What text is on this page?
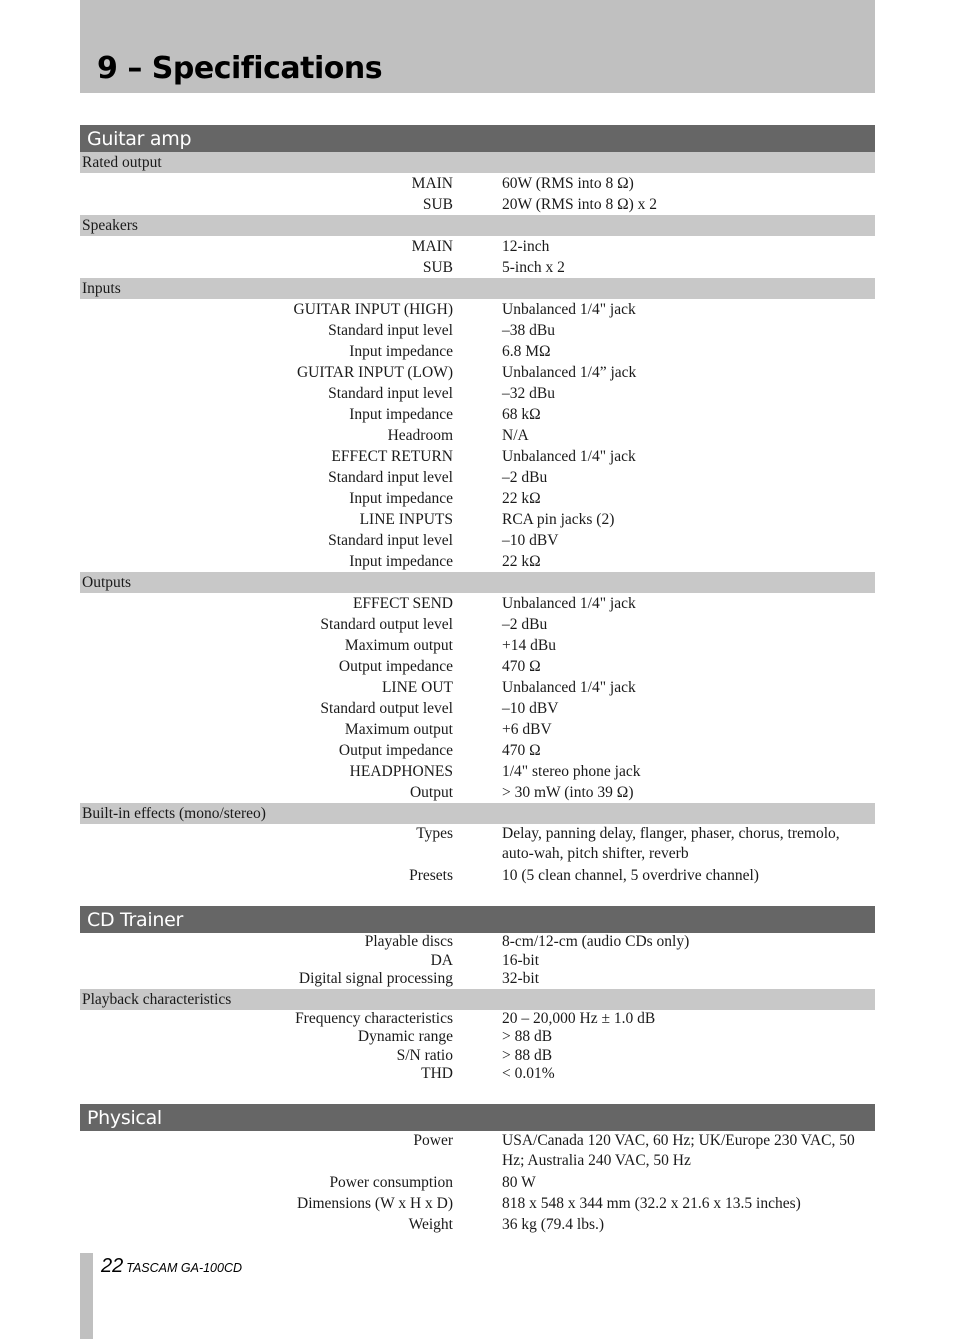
9 – Specifications
Guitar amp
Rated output
MAIN	60W (RMS into 8 Ω)
SUB	20W (RMS into 8 Ω) x 2
Speakers
MAIN	12-inch
SUB	5-inch x 2
Inputs
GUITAR INPUT (HIGH)	Unbalanced 1/4" jack
Standard input level	–38 dBu
Input impedance	6.8 MΩ
GUITAR INPUT (LOW)	Unbalanced 1/4” jack
Standard input level	–32 dBu
Input impedance	68 kΩ
Headroom	N/A
EFFECT RETURN	Unbalanced 1/4" jack
Standard input level	–2 dBu
Input impedance	22 kΩ
LINE INPUTS	RCA pin jacks (2)
Standard input level	–10 dBV
Input impedance	22 kΩ
Outputs
EFFECT SEND	Unbalanced 1/4" jack
Standard output level	–2 dBu
Maximum output	+14 dBu
Output impedance	470 Ω
LINE OUT	Unbalanced 1/4" jack
Standard output level	–10 dBV
Maximum output	+6 dBV
Output impedance	470 Ω
HEADPHONES	1/4" stereo phone jack
Output	> 30 mW (into 39 Ω)
Built-in effects (mono/stereo)
Types	Delay, panning delay, flanger, phaser, chorus, tremolo, auto-wah, pitch shifter, reverb
Presets	10 (5 clean channel, 5 overdrive channel)
CD Trainer
Playable discs	8-cm/12-cm (audio CDs only)
DA	16-bit
Digital signal processing	32-bit
Playback characteristics
Frequency characteristics	20 – 20,000 Hz ± 1.0 dB
Dynamic range	> 88 dB
S/N ratio	> 88 dB
THD	< 0.01%
Physical
Power	USA/Canada 120 VAC, 60 Hz; UK/Europe 230 VAC, 50 Hz; Australia 240 VAC, 50 Hz
Power consumption	80 W
Dimensions (W x H x D)	818 x 548 x 344 mm (32.2 x 21.6 x 13.5 inches)
Weight	36 kg (79.4 lbs.)
22 TASCAM GA-100CD
